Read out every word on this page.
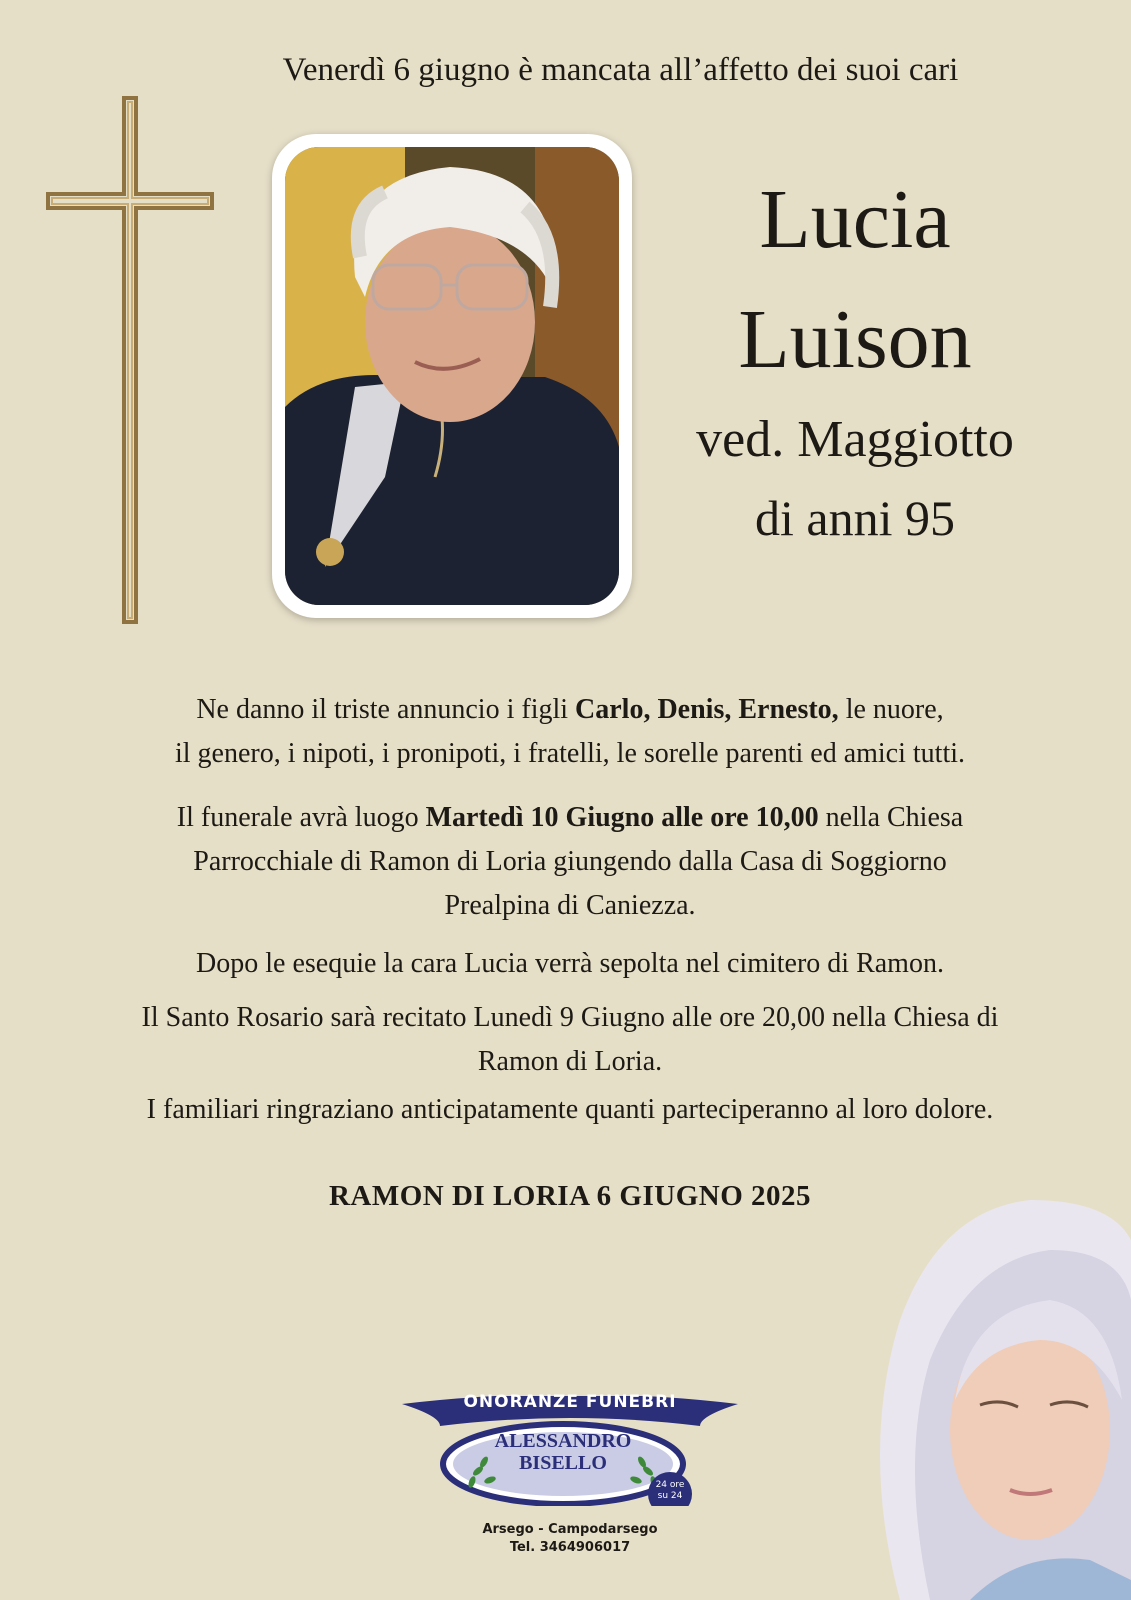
Venerdì 6 giugno è mancata all’affetto dei suoi cari
Lucia
Luison
ved. Maggiotto
di anni 95
Ne danno il triste annuncio i figli Carlo, Denis, Ernesto, le nuore,
il genero, i nipoti, i pronipoti, i fratelli, le sorelle parenti ed amici tutti.
Il funerale avrà luogo Martedì 10 Giugno alle ore 10,00 nella Chiesa
Parrocchiale di Ramon di Loria giungendo dalla Casa di Soggiorno
Prealpina di Caniezza.
Dopo le esequie la cara Lucia verrà sepolta nel cimitero di Ramon.
Il Santo Rosario sarà recitato Lunedì 9 Giugno alle ore 20,00 nella Chiesa di
Ramon di Loria.
I familiari ringraziano anticipatamente quanti parteciperanno al loro dolore.
RAMON DI LORIA 6 GIUGNO 2025
ONORANZE FUNEBRI
ALESSANDRO
BISELLO
24 ore
su 24
Arsego - Campodarsego
Tel. 3464906017
